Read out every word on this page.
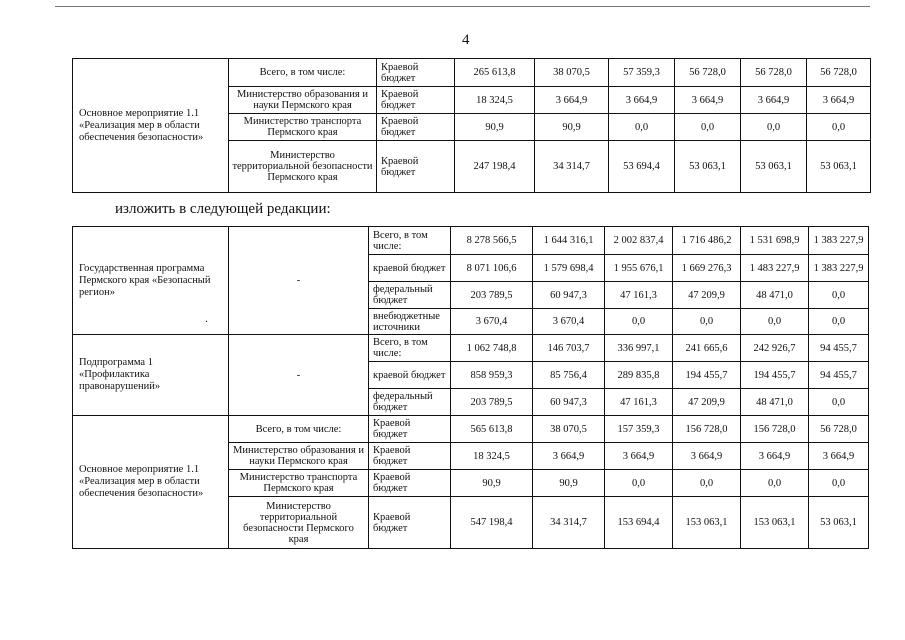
4
Основное мероприятие 1.1 «Реализация мер в области обеспечения безопасности»	Всего, в том числе:	Краевой бюджет	265 613,8	38 070,5	57 359,3	56 728,0	56 728,0	56 728,0
	Министерство образования и науки Пермского края	Краевой бюджет	18 324,5	3 664,9	3 664,9	3 664,9	3 664,9	3 664,9
	Министерство транспорта Пермского края	Краевой бюджет	90,9	90,9	0,0	0,0	0,0	0,0
	Министерство территориальной безопасности Пермского края	Краевой бюджет	247 198,4	34 314,7	53 694,4	53 063,1	53 063,1	53 063,1
изложить в следующей редакции:
Государственная программа Пермского края «Безопасный регион»	-	Всего, в том числе:	8 278 566,5	1 644 316,1	2 002 837,4	1 716 486,2	1 531 698,9	1 383 227,9
		краевой бюджет	8 071 106,6	1 579 698,4	1 955 676,1	1 669 276,3	1 483 227,9	1 383 227,9
		федеральный бюджет	203 789,5	60 947,3	47 161,3	47 209,9	48 471,0	0,0
		внебюджетные источники	3 670,4	3 670,4	0,0	0,0	0,0	0,0
Подпрограмма 1 «Профилактика правонарушений»	-	Всего, в том числе:	1 062 748,8	146 703,7	336 997,1	241 665,6	242 926,7	94 455,7
		краевой бюджет	858 959,3	85 756,4	289 835,8	194 455,7	194 455,7	94 455,7
		федеральный бюджет	203 789,5	60 947,3	47 161,3	47 209,9	48 471,0	0,0
Основное мероприятие 1.1 «Реализация мер в области обеспечения безопасности»	Всего, в том числе:	Краевой бюджет	565 613,8	38 070,5	157 359,3	156 728,0	156 728,0	56 728,0
	Министерство образования и науки Пермского края	Краевой бюджет	18 324,5	3 664,9	3 664,9	3 664,9	3 664,9	3 664,9
	Министерство транспорта Пермского края	Краевой бюджет	90,9	90,9	0,0	0,0	0,0	0,0
	Министерство территориальной безопасности Пермского края	Краевой бюджет	547 198,4	34 314,7	153 694,4	153 063,1	153 063,1	53 063,1
.
